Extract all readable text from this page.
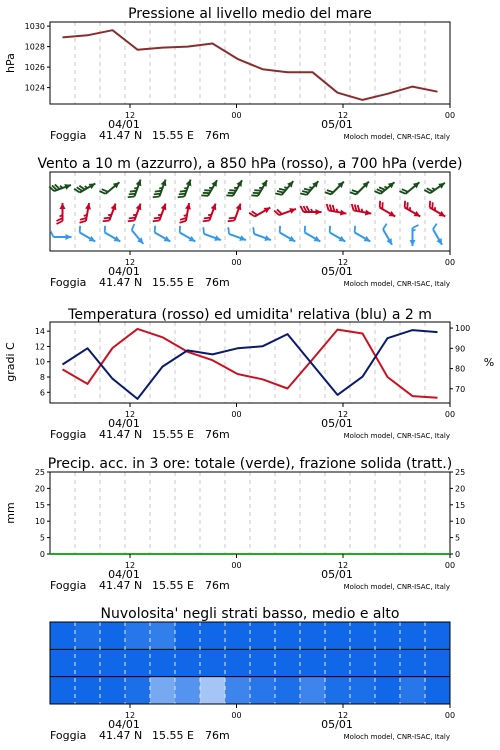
Pressione al livello medio del mare
1024
1026
1028
1030
hPa
12	00	12	00
04/01	05/01
Foggia 41.47 N 15.55 E 76m	Moloch model, CNR-ISAC, Italy
Vento a 10 m (azzurro), a 850 hPa (rosso), a 700 hPa (verde)
12	00	12	00
04/01	05/01
Foggia 41.47 N 15.55 E 76m	Moloch model, CNR-ISAC, Italy
Temperatura (rosso) ed umidita' relativa (blu) a 2 m
6
8
10
12
14
70
80
90
100
gradi C	%
12	00	12	00
04/01	05/01
Foggia 41.47 N 15.55 E 76m	Moloch model, CNR-ISAC, Italy
Precip. acc. in 3 ore: totale (verde), frazione solida (tratt.)
0
5
10
15
20
25
0
5
10
15
20
25
mm
12	00	12	00
04/01	05/01
Foggia 41.47 N 15.55 E 76m	Moloch model, CNR-ISAC, Italy
Nuvolosita' negli strati basso, medio e alto
12	00	12	00
04/01	05/01
Foggia 41.47 N 15.55 E 76m	Moloch model, CNR-ISAC, Italy
